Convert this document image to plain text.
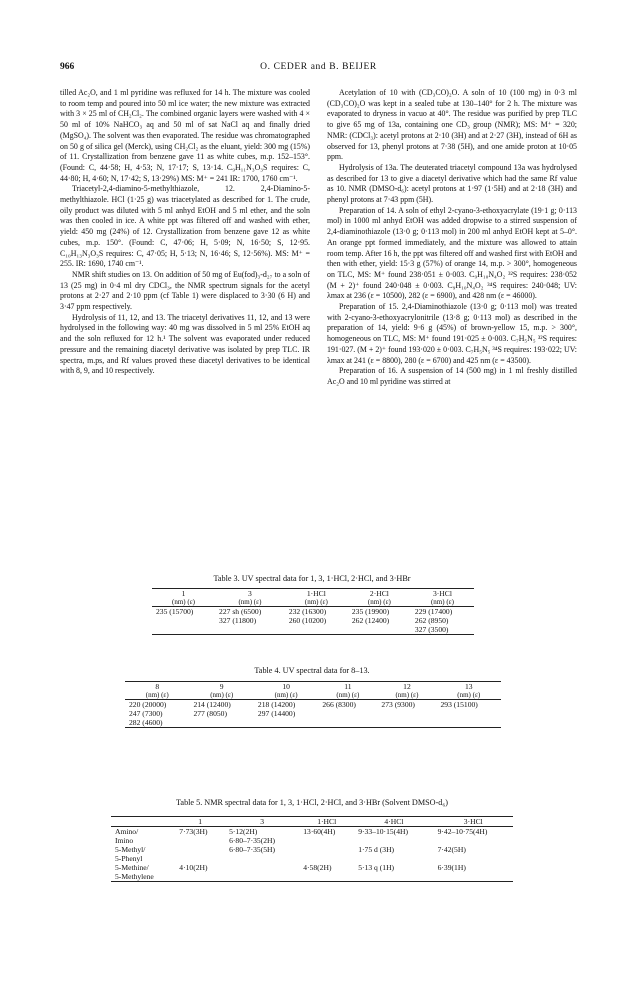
966	O. CEDER and B. BEIJER

tilled Ac₂O, and 1 ml pyridine was refluxed for 14 h. The mixture was cooled to room temp and poured into 50 ml ice water; the new mixture was extracted with 3 × 25 ml of CH₂Cl₂. The combined organic layers were washed with 4 × 50 ml of 10% NaHCO₃ aq and 50 ml of sat NaCl aq and finally dried (MgSO₄). The solvent was then evaporated. The residue was chromatographed on 50 g of silica gel (Merck), using CH₂Cl₂ as the eluant, yield: 300 mg (15%) of 11. Crystallization from benzene gave 11 as white cubes, m.p. 152–153°. (Found: C, 44·58; H, 4·53; N, 17·17; S, 13·14. C₉H₁₁N₃O₃S requires: C, 44·80; H, 4·60; N, 17·42; S, 13·29%) MS: M⁺ = 241 IR: 1700, 1760 cm⁻¹.

Triacetyl-2,4-diamino-5-methylthiazole, 12. 2,4-Diamino-5-methylthiazole. HCl (1·25 g) was triacetylated as described for 1. The crude, oily product was diluted with 5 ml anhyd EtOH and 5 ml ether, and the soln was then cooled in ice. A white ppt was filtered off and washed with ether, yield: 450 mg (24%) of 12. Crystallization from benzene gave 12 as white cubes, m.p. 150°. (Found: C, 47·06; H, 5·09; N, 16·50; S, 12·95. C₁₀H₁₃N₃O₃S requires: C, 47·05; H, 5·13; N, 16·46; S, 12·56%). MS: M⁺ = 255. IR: 1690, 1740 cm⁻¹.

NMR shift studies on 13. On addition of 50 mg of Eu(fod)₃-d₂₇ to a soln of 13 (25 mg) in 0·4 ml dry CDCl₃, the NMR spectrum signals for the acetyl protons at 2·27 and 2·10 ppm (cf Table 1) were displaced to 3·30 (6 H) and 3·47 ppm respectively.

Hydrolysis of 11, 12, and 13. The triacetyl derivatives 11, 12, and 13 were hydrolysed in the following way: 40 mg was dissolved in 5 ml 25% EtOH aq and the soln refluxed for 12 h.¹ The solvent was evaporated under reduced pressure and the remaining diacetyl derivative was isolated by prep TLC. IR spectra, m.ps, and Rf values proved these diacetyl derivatives to be identical with 8, 9, and 10 respectively.

Acetylation of 10 with (CD₃CO)₂O. A soln of 10 (100 mg) in 0·3 ml (CD₃CO)₂O was kept in a sealed tube at 130–140° for 2 h. The mixture was evaporated to dryness in vacuo at 40°. The residue was purified by prep TLC to give 65 mg of 13a, containing one CD₃ group (NMR); MS: M⁺ = 320; NMR: (CDCl₃): acetyl protons at 2·10 (3H) and at 2·27 (3H), instead of 6H as observed for 13, phenyl protons at 7·38 (5H), and one amide proton at 10·05 ppm.

Hydrolysis of 13a. The deuterated triacetyl compound 13a was hydrolysed as described for 13 to give a diacetyl derivative which had the same Rf value as 10. NMR (DMSO-d₆): acetyl protons at 1·97 (1·5H) and at 2·18 (3H) and phenyl protons at 7·43 ppm (5H).

Preparation of 14. A soln of ethyl 2-cyano-3-ethoxyacrylate (19·1 g; 0·113 mol) in 1000 ml anhyd EtOH was added dropwise to a stirred suspension of 2,4-diaminothiazole (13·0 g; 0·113 mol) in 200 ml anhyd EtOH kept at 5–0°. An orange ppt formed immediately, and the mixture was allowed to attain room temp. After 16 h, the ppt was filtered off and washed first with EtOH and then with ether, yield: 15·3 g (57%) of orange 14, m.p. > 300°, homogeneous on TLC, MS: M⁺ found 238·051 ± 0·003. C₉H₁₀N₄O₂ ³²S requires: 238·052 (M + 2)⁺ found 240·048 ± 0·003. C₉H₁₀N₄O₂ ³⁴S requires: 240·048; UV: λmax at 236 (ε = 10500), 282 (ε = 6900), and 428 nm (ε = 46000).

Preparation of 15. 2,4-Diaminothiazole (13·0 g; 0·113 mol) was treated with 2-cyano-3-ethoxyacrylonitrile (13·8 g; 0·113 mol) as described in the preparation of 14, yield: 9·6 g (45%) of brown-yellow 15, m.p. > 300°, homogeneous on TLC, MS: M⁺ found 191·025 ± 0·003. C₇H₅N₅ ³²S requires: 191·027. (M + 2)⁺ found 193·020 ± 0·003. C₇H₅N₅ ³⁴S requires: 193·022; UV: λmax at 241 (ε = 8800), 280 (ε = 6700) and 425 nm (ε = 43500).

Preparation of 16. A suspension of 14 (500 mg) in 1 ml freshly distilled Ac₂O and 10 ml pyridine was stirred at

Table 3. UV spectral data for 1, 3, 1·HCl, 2·HCl, and 3·HBr
1	3	1·HCl	2·HCl	3·HCl
(nm) (ε)	(nm) (ε)	(nm) (ε)	(nm) (ε)	(nm) (ε)
235 (15700)	227 sh (6500)	232 (16300)	235 (19900)	229 (17400)
	327 (11800)	260 (10200)	262 (12400)	262 (8950)
				327 (3500)
Table 4. UV spectral data for 8–13.
8	9	10	11	12	13
(nm) (ε)	(nm) (ε)	(nm) (ε)	(nm) (ε)	(nm) (ε)	(nm) (ε)
220 (20000)	214 (12400)	218 (14200)	266 (8300)	273 (9300)	293 (15100)
247 (7300)	277 (8050)	297 (14400)			
282 (4600)					
Table 5. NMR spectral data for 1, 3, 1·HCl, 2·HCl, and 3·HBr (Solvent DMSO-d₆)
	1	3	1·HCl	4·HCl	3·HCl
Amino/	7·73(3H)	5·12(2H)	13·60(4H)	9·33–10·15(4H)	9·42–10·75(4H)
Imino		6·80–7·35(2H)			
5-Methyl/		6·80–7·35(5H)		1·75 d (3H)	7·42(5H)
5-Phenyl					
5-Methine/	4·10(2H)		4·58(2H)	5·13 q (1H)	6·39(1H)
5-Methylene					
